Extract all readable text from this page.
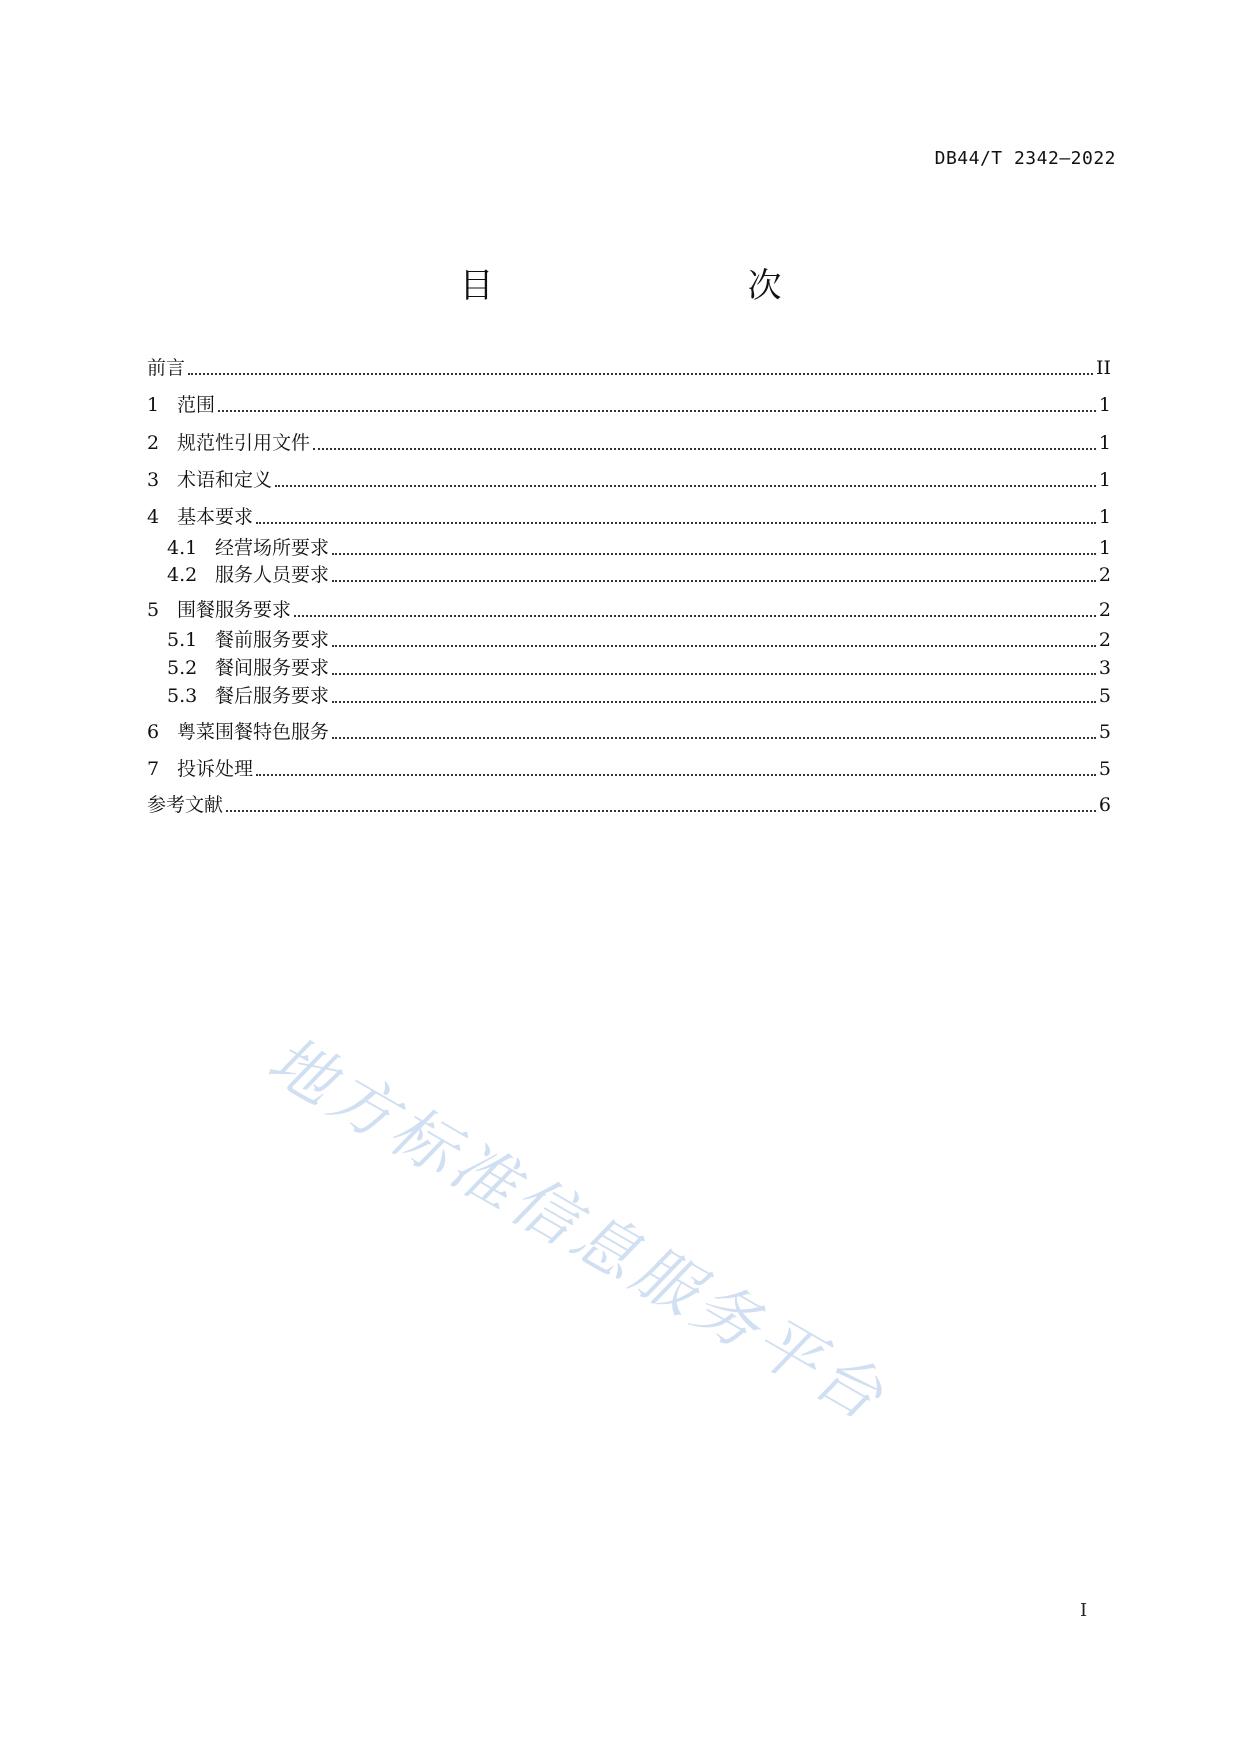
DB44/T 2342—2022
目　　次
前言	II
1 范围	1
2 规范性引用文件	1
3 术语和定义	1
4 基本要求	1
4.1 经营场所要求	1
4.2 服务人员要求	2
5 围餐服务要求	2
5.1 餐前服务要求	2
5.2 餐间服务要求	3
5.3 餐后服务要求	5
6 粤菜围餐特色服务	5
7 投诉处理	5
参考文献	6
I
地方标准信息服务平台
